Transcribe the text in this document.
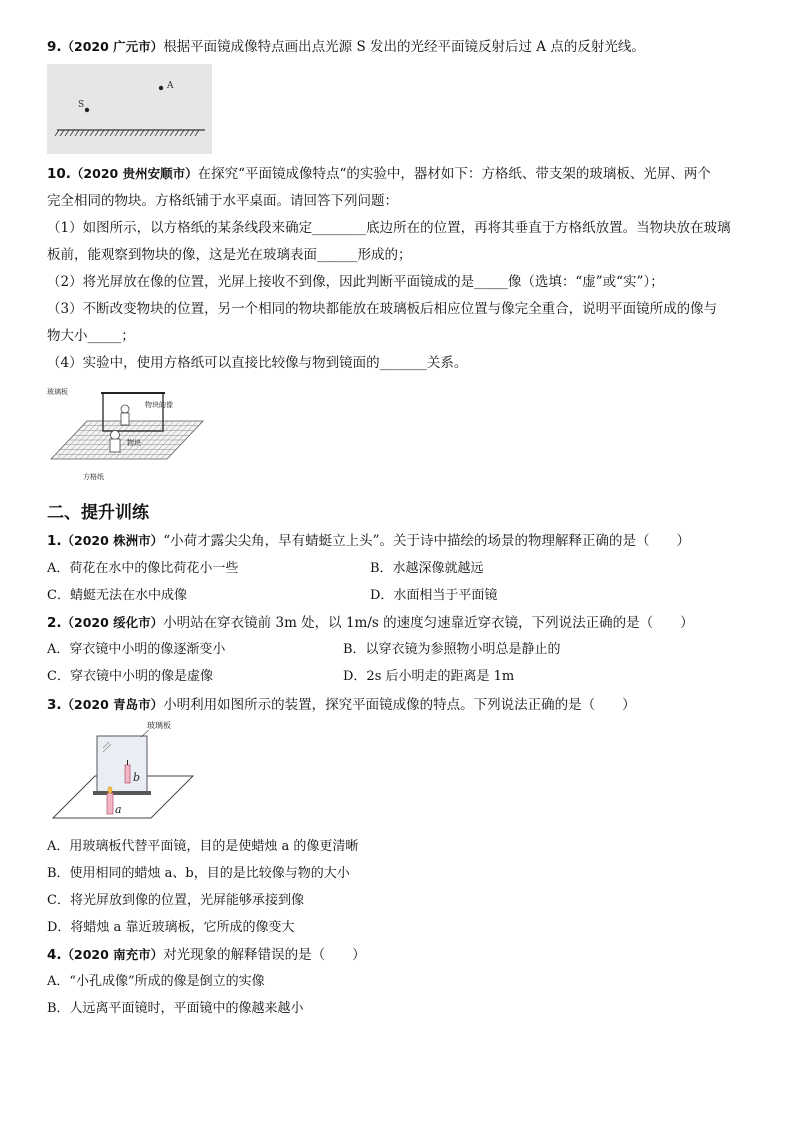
9.（2020 广元市）根据平面镜成像特点画出点光源 S 发出的光经平面镜反射后过 A 点的反射光线。
A
S
10.（2020 贵州安顺市）在探究“平面镜成像特点“的实验中，器材如下：方格纸、带支架的玻璃板、光屏、两个
完全相同的物块。方格纸铺于水平桌面。请回答下列问题：
（1）如图所示，以方格纸的某条线段来确定________底边所在的位置，再将其垂直于方格纸放置。当物块放在玻璃
板前，能观察到物块的像，这是光在玻璃表面______形成的；
（2）将光屏放在像的位置，光屏上接收不到像，因此判断平面镜成的是_____像（选填：“虚”或“实”）；
（3）不断改变物块的位置，另一个相同的物块都能放在玻璃板后相应位置与像完全重合，说明平面镜所成的像与
物大小_____；
（4）实验中，使用方格纸可以直接比较像与物到镜面的_______关系。
玻璃板
物块的像
物块
方格纸
二、提升训练
1.（2020 株洲市）“小荷才露尖尖角，早有蜻蜓立上头”。关于诗中描绘的场景的物理解释正确的是（　　）
A．荷花在水中的像比荷花小一些	B．水越深像就越远
C．蜻蜓无法在水中成像	D．水面相当于平面镜
2.（2020 绥化市）小明站在穿衣镜前 3m 处，以 1m/s 的速度匀速靠近穿衣镜，下列说法正确的是（　　）
A．穿衣镜中小明的像逐渐变小	B．以穿衣镜为参照物小明总是静止的
C．穿衣镜中小明的像是虚像	D．2s 后小明走的距离是 1m
3.（2020 青岛市）小明利用如图所示的装置，探究平面镜成像的特点。下列说法正确的是（　　）
b
a
玻璃板
A．用玻璃板代替平面镜，目的是使蜡烛 a 的像更清晰
B．使用相同的蜡烛 a、b，目的是比较像与物的大小
C．将光屏放到像的位置，光屏能够承接到像
D．将蜡烛 a 靠近玻璃板，它所成的像变大
4.（2020 南充市）对光现象的解释错误的是（　　）
A．“小孔成像”所成的像是倒立的实像
B．人远离平面镜时，平面镜中的像越来越小
